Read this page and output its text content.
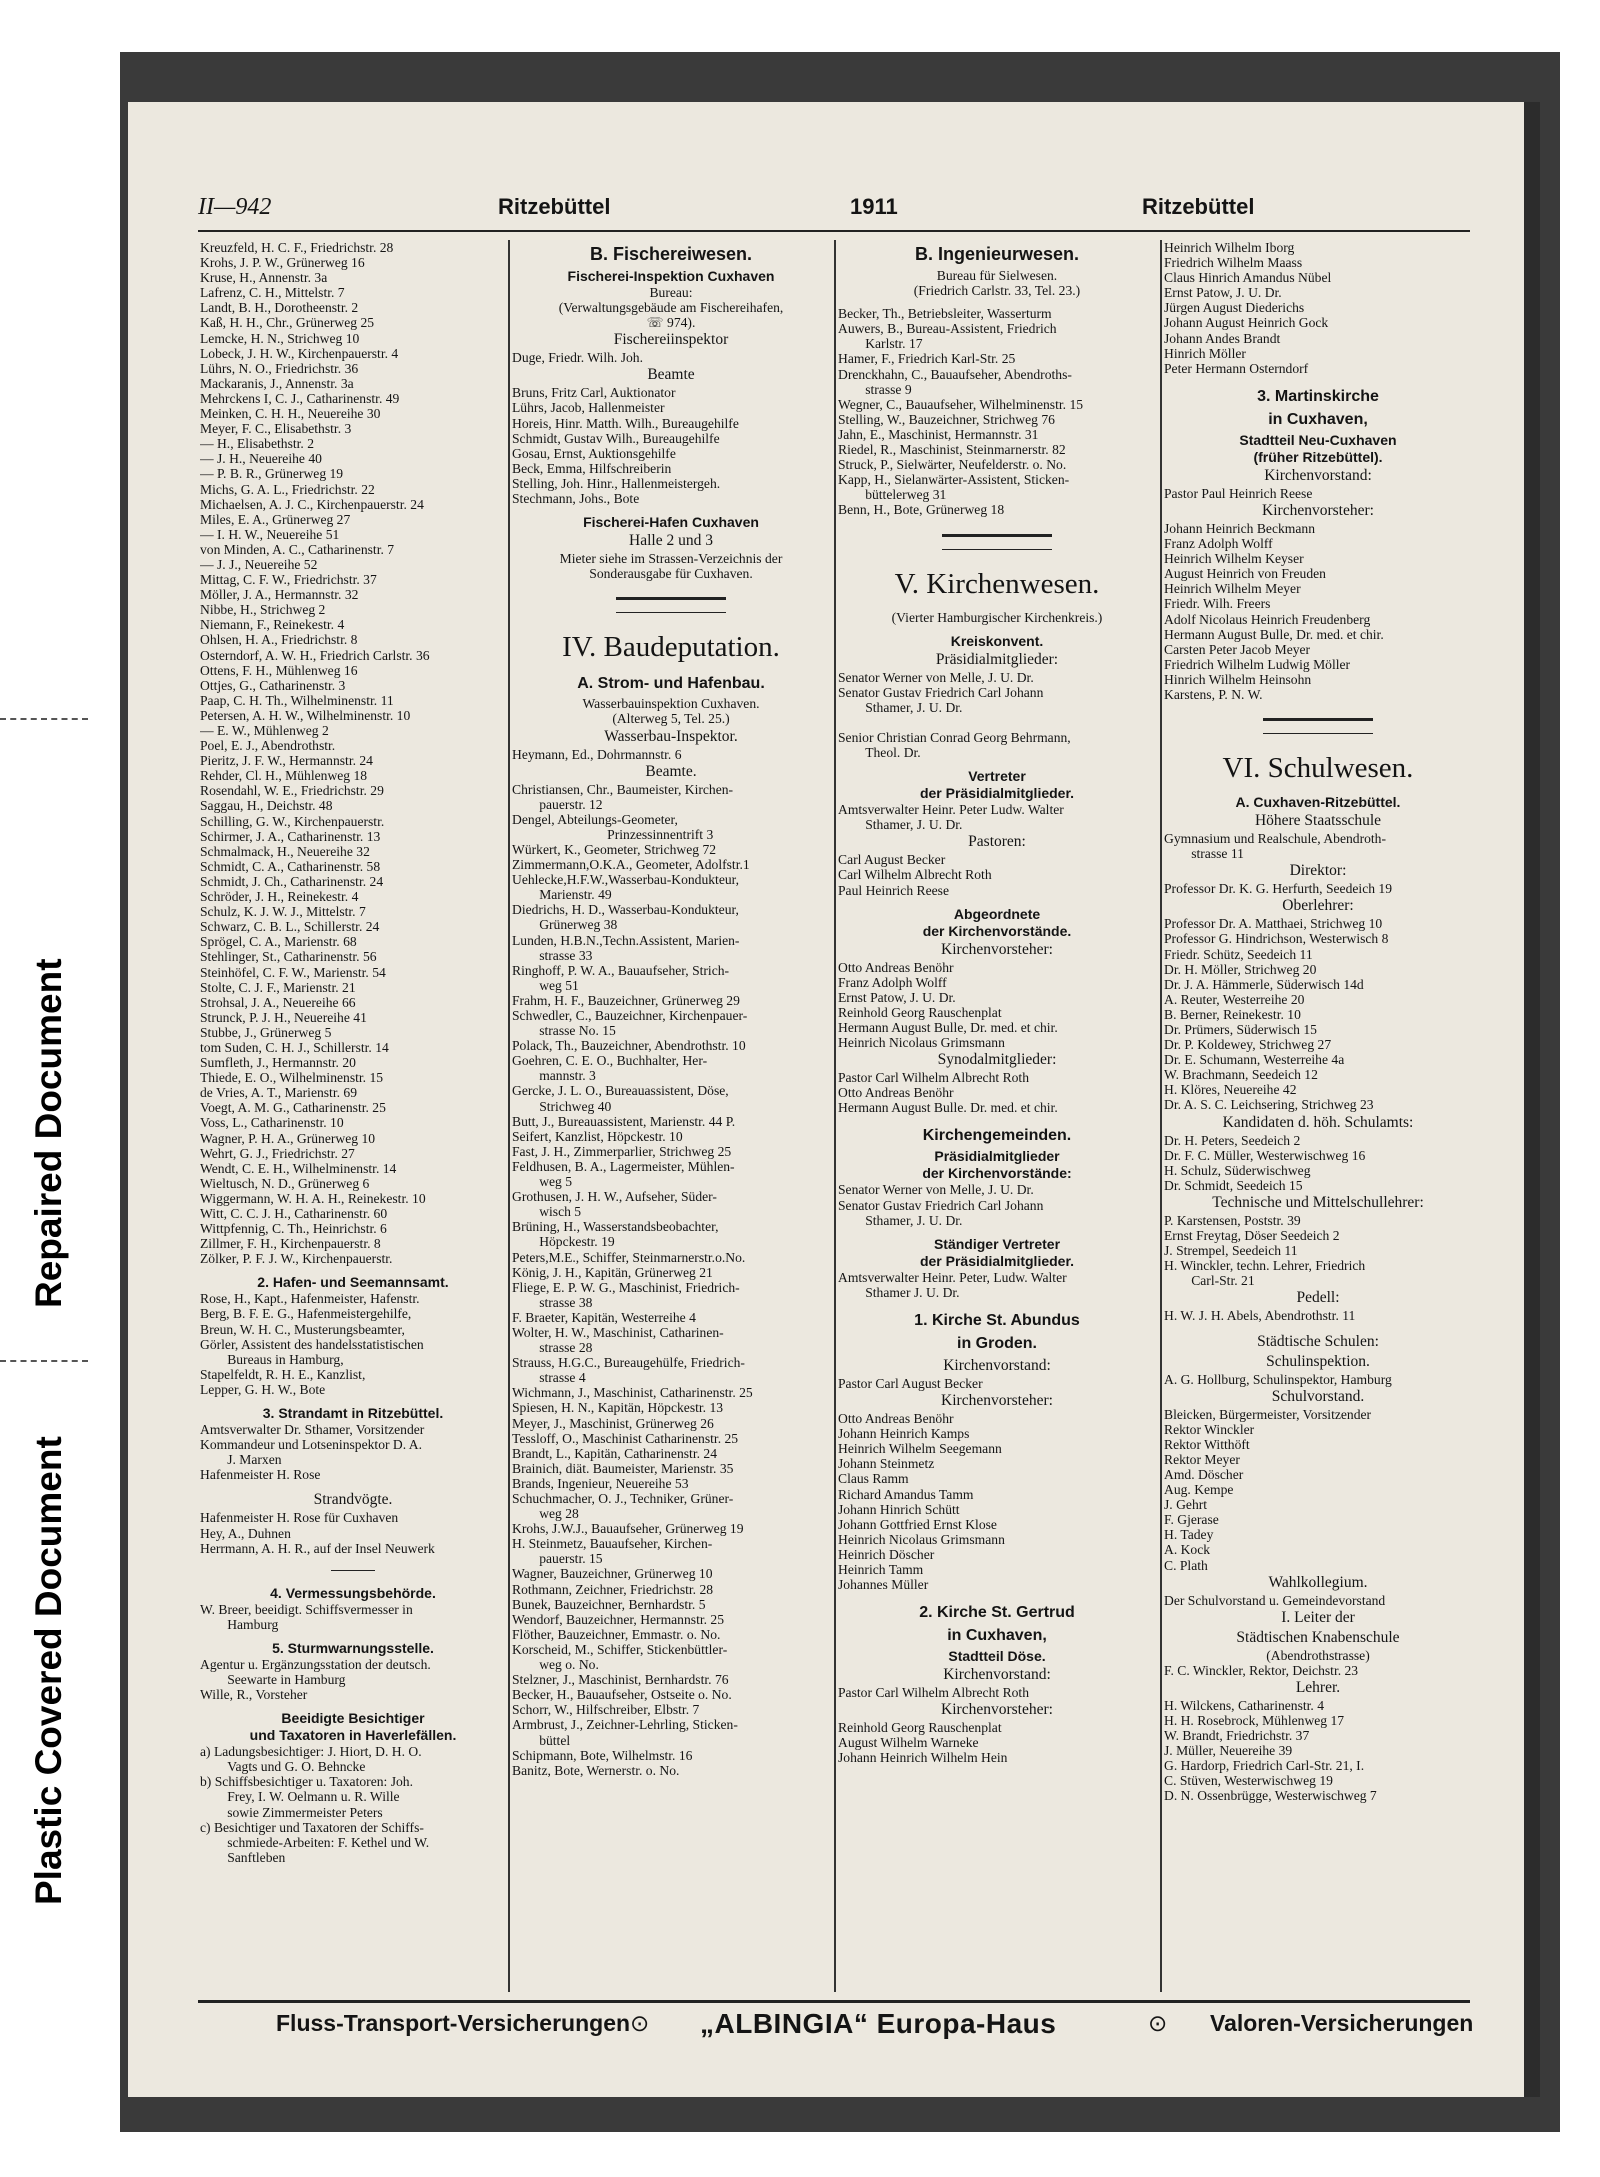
Repaired Document
Plastic Covered Document
II—942	Ritzebüttel	1911	Ritzebüttel
Kreuzfeld, H. C. F., Friedrichstr. 28
Krohs, J. P. W., Grünerweg 16
Kruse, H., Annenstr. 3a
Lafrenz, C. H., Mittelstr. 7
Landt, B. H., Dorotheenstr. 2
Kaß, H. H., Chr., Grünerweg 25
Lemcke, H. N., Strichweg 10
Lobeck, J. H. W., Kirchenpauerstr. 4
Lührs, N. O., Friedrichstr. 36
Mackaranis, J., Annenstr. 3a
Mehrckens I, C. J., Catharinenstr. 49
Meinken, C. H. H., Neuereihe 30
Meyer, F. C., Elisabethstr. 3
— H., Elisabethstr. 2
— J. H., Neuereihe 40
— P. B. R., Grünerweg 19
Michs, G. A. L., Friedrichstr. 22
Michaelsen, A. J. C., Kirchenpauerstr. 24
Miles, E. A., Grünerweg 27
— I. H. W., Neuereihe 51
von Minden, A. C., Catharinenstr. 7
— J. J., Neuereihe 52
Mittag, C. F. W., Friedrichstr. 37
Möller, J. A., Hermannstr. 32
Nibbe, H., Strichweg 2
Niemann, F., Reinekestr. 4
Ohlsen, H. A., Friedrichstr. 8
Osterndorf, A. W. H., Friedrich Carlstr. 36
Ottens, F. H., Mühlenweg 16
Ottjes, G., Catharinenstr. 3
Paap, C. H. Th., Wilhelminenstr. 11
Petersen, A. H. W., Wilhelminenstr. 10
— E. W., Mühlenweg 2
Poel, E. J., Abendrothstr.
Pieritz, J. F. W., Hermannstr. 24
Rehder, Cl. H., Mühlenweg 18
Rosendahl, W. E., Friedrichstr. 29
Saggau, H., Deichstr. 48
Schilling, G. W., Kirchenpauerstr.
Schirmer, J. A., Catharinenstr. 13
Schmalmack, H., Neuereihe 32
Schmidt, C. A., Catharinenstr. 58
Schmidt, J. Ch., Catharinenstr. 24
Schröder, J. H., Reinekestr. 4
Schulz, K. J. W. J., Mittelstr. 7
Schwarz, C. B. L., Schillerstr. 24
Sprögel, C. A., Marienstr. 68
Stehlinger, St., Catharinenstr. 56
Steinhöfel, C. F. W., Marienstr. 54
Stolte, C. J. F., Marienstr. 21
Strohsal, J. A., Neuereihe 66
Strunck, P. J. H., Neuereihe 41
Stubbe, J., Grünerweg 5
tom Suden, C. H. J., Schillerstr. 14
Sumfleth, J., Hermannstr. 20
Thiede, E. O., Wilhelminenstr. 15
de Vries, A. T., Marienstr. 69
Voegt, A. M. G., Catharinenstr. 25
Voss, L., Catharinenstr. 10
Wagner, P. H. A., Grünerweg 10
Wehrt, G. J., Friedrichstr. 27
Wendt, C. E. H., Wilhelminenstr. 14
Wieltusch, N. D., Grünerweg 6
Wiggermann, W. H. A. H., Reinekestr. 10
Witt, C. C. J. H., Catharinenstr. 60
Wittpfennig, C. Th., Heinrichstr. 6
Zillmer, F. H., Kirchenpauerstr. 8
Zölker, P. F. J. W., Kirchenpauerstr.
2. Hafen- und Seemannsamt.
Rose, H., Kapt., Hafenmeister, Hafenstr.
Berg, B. F. E. G., Hafenmeistergehilfe,
Breun, W. H. C., Musterungsbeamter,
Görler, Assistent des handelsstatistischen
Bureaus in Hamburg,
Stapelfeldt, R. H. E., Kanzlist,
Lepper, G. H. W., Bote
3. Strandamt in Ritzebüttel.
Amtsverwalter Dr. Sthamer, Vorsitzender
Kommandeur und Lotseninspektor D. A.
J. Marxen
Hafenmeister H. Rose
Strandvögte.
Hafenmeister H. Rose für Cuxhaven
Hey, A., Duhnen
Herrmann, A. H. R., auf der Insel Neuwerk
4. Vermessungsbehörde.
W. Breer, beeidigt. Schiffsvermesser in
Hamburg
5. Sturmwarnungsstelle.
Agentur u. Ergänzungsstation der deutsch.
Seewarte in Hamburg
Wille, R., Vorsteher
Beeidigte Besichtiger
und Taxatoren in Haverlefällen.
a) Ladungsbesichtiger: J. Hiort, D. H. O.
Vagts und G. O. Behncke
b) Schiffsbesichtiger u. Taxatoren: Joh.
Frey, I. W. Oelmann u. R. Wille
sowie Zimmermeister Peters
c) Besichtiger und Taxatoren der Schiffs-
schmiede-Arbeiten: F. Kethel und W.
Sanftleben
B. Fischereiwesen.
Fischerei-Inspektion Cuxhaven
Bureau:
(Verwaltungsgebäude am Fischereihafen,
☏ 974).
Fischereiinspektor
Duge, Friedr. Wilh. Joh.
Beamte
Bruns, Fritz Carl, Auktionator
Lührs, Jacob, Hallenmeister
Horeis, Hinr. Matth. Wilh., Bureaugehilfe
Schmidt, Gustav Wilh., Bureaugehilfe
Gosau, Ernst, Auktionsgehilfe
Beck, Emma, Hilfschreiberin
Stelling, Joh. Hinr., Hallenmeistergeh.
Stechmann, Johs., Bote
Fischerei-Hafen Cuxhaven
Halle 2 und 3
Mieter siehe im Strassen-Verzeichnis der
Sonderausgabe für Cuxhaven.
IV. Baudeputation.
A. Strom- und Hafenbau.
Wasserbauinspektion Cuxhaven.
(Alterweg 5, Tel. 25.)
Wasserbau-Inspektor.
Heymann, Ed., Dohrmannstr. 6
Beamte.
Christiansen, Chr., Baumeister, Kirchen-
pauerstr. 12
Dengel, Abteilungs-Geometer,
Prinzessinnentrift 3
Würkert, K., Geometer, Strichweg 72
Zimmermann,O.K.A., Geometer, Adolfstr.1
Uehlecke,H.F.W.,Wasserbau-Kondukteur,
Marienstr. 49
Diedrichs, H. D., Wasserbau-Kondukteur,
Grünerweg 38
Lunden, H.B.N.,Techn.Assistent, Marien-
strasse 33
Ringhoff, P. W. A., Bauaufseher, Strich-
weg 51
Frahm, H. F., Bauzeichner, Grünerweg 29
Schwedler, C., Bauzeichner, Kirchenpauer-
strasse No. 15
Polack, Th., Bauzeichner, Abendrothstr. 10
Goehren, C. E. O., Buchhalter, Her-
mannstr. 3
Gercke, J. L. O., Bureauassistent, Döse,
Strichweg 40
Butt, J., Bureauassistent, Marienstr. 44 P.
Seifert, Kanzlist, Höpckestr. 10
Fast, J. H., Zimmerparlier, Strichweg 25
Feldhusen, B. A., Lagermeister, Mühlen-
weg 5
Grothusen, J. H. W., Aufseher, Süder-
wisch 5
Brüning, H., Wasserstandsbeobachter,
Höpckestr. 19
Peters,M.E., Schiffer, Steinmarnerstr.o.No.
König, J. H., Kapitän, Grünerweg 21
Fliege, E. P. W. G., Maschinist, Friedrich-
strasse 38
F. Braeter, Kapitän, Westerreihe 4
Wolter, H. W., Maschinist, Catharinen-
strasse 28
Strauss, H.G.C., Bureaugehülfe, Friedrich-
strasse 4
Wichmann, J., Maschinist, Catharinenstr. 25
Spiesen, H. N., Kapitän, Höpckestr. 13
Meyer, J., Maschinist, Grünerweg 26
Tessloff, O., Maschinist Catharinenstr. 25
Brandt, L., Kapitän, Catharinenstr. 24
Brainich, diät. Baumeister, Marienstr. 35
Brands, Ingenieur, Neuereihe 53
Schuchmacher, O. J., Techniker, Grüner-
weg 28
Krohs, J.W.J., Bauaufseher, Grünerweg 19
H. Steinmetz, Bauaufseher, Kirchen-
pauerstr. 15
Wagner, Bauzeichner, Grünerweg 10
Rothmann, Zeichner, Friedrichstr. 28
Bunek, Bauzeichner, Bernhardstr. 5
Wendorf, Bauzeichner, Hermannstr. 25
Flöther, Bauzeichner, Emmastr. o. No.
Korscheid, M., Schiffer, Stickenbüttler-
weg o. No.
Stelzner, J., Maschinist, Bernhardstr. 76
Becker, H., Bauaufseher, Ostseite o. No.
Schorr, W., Hilfschreiber, Elbstr. 7
Armbrust, J., Zeichner-Lehrling, Sticken-
büttel
Schipmann, Bote, Wilhelmstr. 16
Banitz, Bote, Wernerstr. o. No.
B. Ingenieurwesen.
Bureau für Sielwesen.
(Friedrich Carlstr. 33, Tel. 23.)
Becker, Th., Betriebsleiter, Wasserturm
Auwers, B., Bureau-Assistent, Friedrich
Karlstr. 17
Hamer, F., Friedrich Karl-Str. 25
Drenckhahn, C., Bauaufseher, Abendroths-
strasse 9
Wegner, C., Bauaufseher, Wilhelminenstr. 15
Stelling, W., Bauzeichner, Strichweg 76
Jahn, E., Maschinist, Hermannstr. 31
Riedel, R., Maschinist, Steinmarnerstr. 82
Struck, P., Sielwärter, Neufelderstr. o. No.
Kapp, H., Sielanwärter-Assistent, Sticken-
büttelerweg 31
Benn, H., Bote, Grünerweg 18
V. Kirchenwesen.
(Vierter Hamburgischer Kirchenkreis.)
Kreiskonvent.
Präsidialmitglieder:
Senator Werner von Melle, J. U. Dr.
Senator Gustav Friedrich Carl Johann
Sthamer, J. U. Dr.

Senior Christian Conrad Georg Behrmann,
Theol. Dr.
Vertreter
der Präsidialmitglieder.
Amtsverwalter Heinr. Peter Ludw. Walter
Sthamer, J. U. Dr.
Pastoren:
Carl August Becker
Carl Wilhelm Albrecht Roth
Paul Heinrich Reese
Abgeordnete
der Kirchenvorstände.
Kirchenvorsteher:
Otto Andreas Benöhr
Franz Adolph Wolff
Ernst Patow, J. U. Dr.
Reinhold Georg Rauschenplat
Hermann August Bulle, Dr. med. et chir.
Heinrich Nicolaus Grimsmann
Synodalmitglieder:
Pastor Carl Wilhelm Albrecht Roth
Otto Andreas Benöhr
Hermann August Bulle. Dr. med. et chir.
Kirchengemeinden.
Präsidialmitglieder
der Kirchenvorstände:
Senator Werner von Melle, J. U. Dr.
Senator Gustav Friedrich Carl Johann
Sthamer, J. U. Dr.
Ständiger Vertreter
der Präsidialmitglieder.
Amtsverwalter Heinr. Peter, Ludw. Walter
Sthamer J. U. Dr.
1. Kirche St. Abundus
in Groden.
Kirchenvorstand:
Pastor Carl August Becker
Kirchenvorsteher:
Otto Andreas Benöhr
Johann Heinrich Kamps
Heinrich Wilhelm Seegemann
Johann Steinmetz
Claus Ramm
Richard Amandus Tamm
Johann Hinrich Schütt
Johann Gottfried Ernst Klose
Heinrich Nicolaus Grimsmann
Heinrich Döscher
Heinrich Tamm
Johannes Müller
2. Kirche St. Gertrud
in Cuxhaven,
Stadtteil Döse.
Kirchenvorstand:
Pastor Carl Wilhelm Albrecht Roth
Kirchenvorsteher:
Reinhold Georg Rauschenplat
August Wilhelm Warneke
Johann Heinrich Wilhelm Hein
Heinrich Wilhelm Iborg
Friedrich Wilhelm Maass
Claus Hinrich Amandus Nübel
Ernst Patow, J. U. Dr.
Jürgen August Diederichs
Johann August Heinrich Gock
Johann Andes Brandt
Hinrich Möller
Peter Hermann Osterndorf
3. Martinskirche
in Cuxhaven,
Stadtteil Neu-Cuxhaven
(früher Ritzebüttel).
Kirchenvorstand:
Pastor Paul Heinrich Reese
Kirchenvorsteher:
Johann Heinrich Beckmann
Franz Adolph Wolff
Heinrich Wilhelm Keyser
August Heinrich von Freuden
Heinrich Wilhelm Meyer
Friedr. Wilh. Freers
Adolf Nicolaus Heinrich Freudenberg
Hermann August Bulle, Dr. med. et chir.
Carsten Peter Jacob Meyer
Friedrich Wilhelm Ludwig Möller
Hinrich Wilhelm Heinsohn
Karstens, P. N. W.
VI. Schulwesen.
A. Cuxhaven-Ritzebüttel.
Höhere Staatsschule
Gymnasium und Realschule, Abendroth-
strasse 11
Direktor:
Professor Dr. K. G. Herfurth, Seedeich 19
Oberlehrer:
Professor Dr. A. Matthaei, Strichweg 10
Professor G. Hindrichson, Westerwisch 8
Friedr. Schütz, Seedeich 11
Dr. H. Möller, Strichweg 20
Dr. J. A. Hämmerle, Süderwisch 14d
A. Reuter, Westerreihe 20
B. Berner, Reinekestr. 10
Dr. Prümers, Süderwisch 15
Dr. P. Koldewey, Strichweg 27
Dr. E. Schumann, Westerreihe 4a
W. Brachmann, Seedeich 12
H. Klöres, Neuereihe 42
Dr. A. S. C. Leichsering, Strichweg 23
Kandidaten d. höh. Schulamts:
Dr. H. Peters, Seedeich 2
Dr. F. C. Müller, Westerwischweg 16
H. Schulz, Süderwischweg
Dr. Schmidt, Seedeich 15
Technische und Mittelschullehrer:
P. Karstensen, Poststr. 39
Ernst Freytag, Döser Seedeich 2
J. Strempel, Seedeich 11
H. Winckler, techn. Lehrer, Friedrich
Carl-Str. 21
Pedell:
H. W. J. H. Abels, Abendrothstr. 11
Städtische Schulen:
Schulinspektion.
A. G. Hollburg, Schulinspektor, Hamburg
Schulvorstand.
Bleicken, Bürgermeister, Vorsitzender
Rektor Winckler
Rektor Witthöft
Rektor Meyer
Amd. Döscher
Aug. Kempe
J. Gehrt
F. Gjerase
H. Tadey
A. Kock
C. Plath
Wahlkollegium.
Der Schulvorstand u. Gemeindevorstand
I. Leiter der
Städtischen Knabenschule
(Abendrothstrasse)
F. C. Winckler, Rektor, Deichstr. 23
Lehrer.
H. Wilckens, Catharinenstr. 4
H. H. Rosebrock, Mühlenweg 17
W. Brandt, Friedrichstr. 37
J. Müller, Neuereihe 39
G. Hardorp, Friedrich Carl-Str. 21, I.
C. Stüven, Westerwischweg 19
D. N. Ossenbrügge, Westerwischweg 7
Fluss-Transport-Versicherungen ⊙ „ALBINGIA“ Europa-Haus	⊙ Valoren-Versicherungen
